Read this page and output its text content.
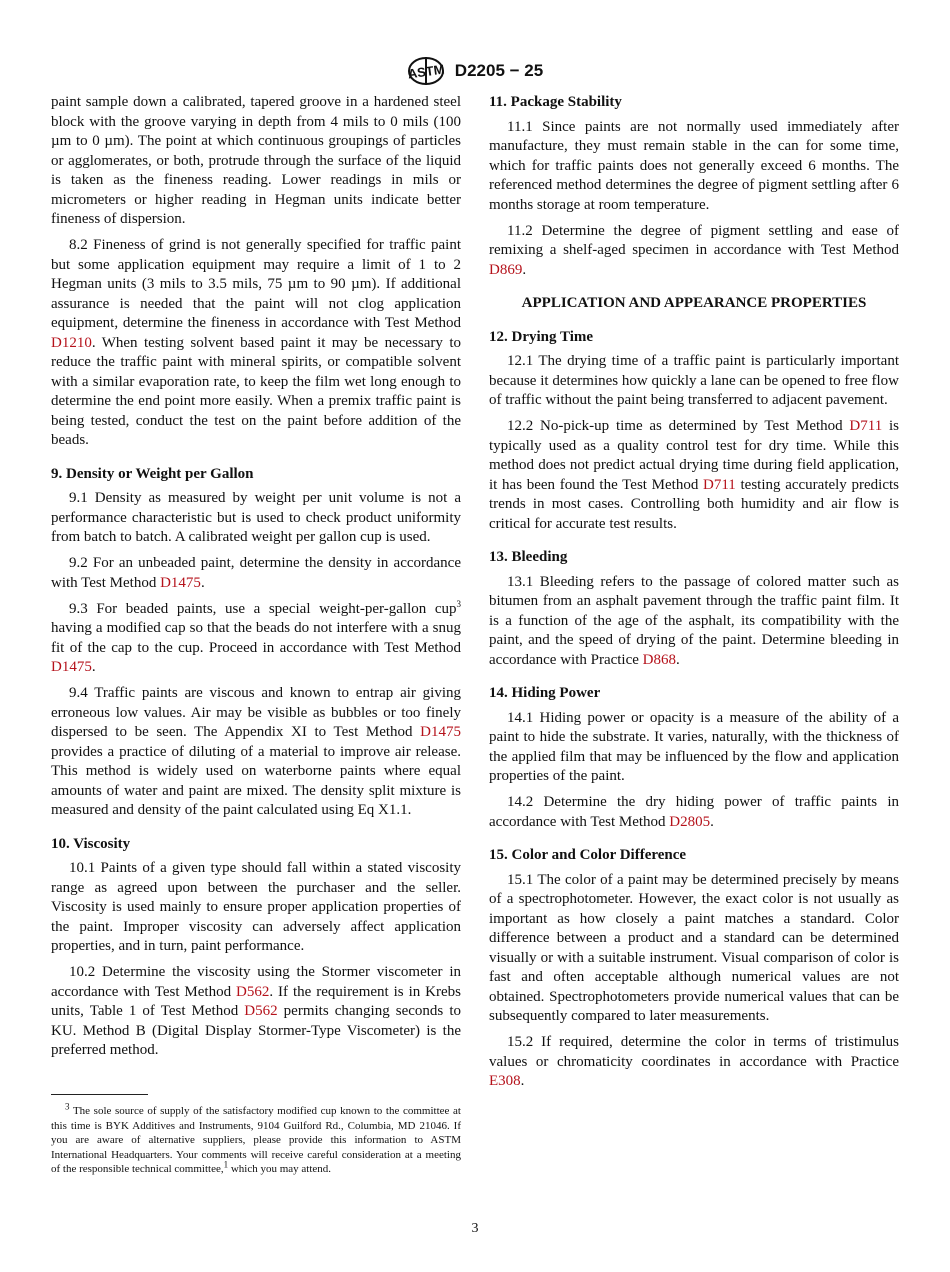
ASTM D2205 − 25
paint sample down a calibrated, tapered groove in a hardened steel block with the groove varying in depth from 4 mils to 0 mils (100 µm to 0 µm). The point at which continuous groupings of particles or agglomerates, or both, protrude through the surface of the liquid is taken as the fineness reading. Lower readings in mils or micrometers or higher reading in Hegman units indicate better fineness of dispersion.
8.2 Fineness of grind is not generally specified for traffic paint but some application equipment may require a limit of 1 to 2 Hegman units (3 mils to 3.5 mils, 75 µm to 90 µm). If additional assurance is needed that the paint will not clog application equipment, determine the fineness in accordance with Test Method D1210. When testing solvent based paint it may be necessary to reduce the traffic paint with mineral spirits, or compatible solvent with a similar evaporation rate, to keep the film wet long enough to determine the end point more easily. When a premix traffic paint is being tested, conduct the test on the paint before addition of the beads.
9. Density or Weight per Gallon
9.1 Density as measured by weight per unit volume is not a performance characteristic but is used to check product uniformity from batch to batch. A calibrated weight per gallon cup is used.
9.2 For an unbeaded paint, determine the density in accordance with Test Method D1475.
9.3 For beaded paints, use a special weight-per-gallon cup$^3$ having a modified cap so that the beads do not interfere with a snug fit of the cap to the cup. Proceed in accordance with Test Method D1475.
9.4 Traffic paints are viscous and known to entrap air giving erroneous low values. Air may be visible as bubbles or too finely dispersed to be seen. The Appendix XI to Test Method D1475 provides a practice of diluting of a material to improve air release. This method is widely used on waterborne paints where equal amounts of water and paint are mixed. The density split mixture is measured and density of the paint calculated using Eq X1.1.
10. Viscosity
10.1 Paints of a given type should fall within a stated viscosity range as agreed upon between the purchaser and the seller. Viscosity is used mainly to ensure proper application properties of the paint. Improper viscosity can adversely affect application properties, and in turn, paint performance.
10.2 Determine the viscosity using the Stormer viscometer in accordance with Test Method D562. If the requirement is in Krebs units, Table 1 of Test Method D562 permits changing seconds to KU. Method B (Digital Display Stormer-Type Viscometer) is the preferred method.
11. Package Stability
11.1 Since paints are not normally used immediately after manufacture, they must remain stable in the can for some time, which for traffic paints does not generally exceed 6 months. The referenced method determines the degree of pigment settling after 6 months storage at room temperature.
11.2 Determine the degree of pigment settling and ease of remixing a shelf-aged specimen in accordance with Test Method D869.
APPLICATION AND APPEARANCE PROPERTIES
12. Drying Time
12.1 The drying time of a traffic paint is particularly important because it determines how quickly a lane can be opened to free flow of traffic without the paint being transferred to adjacent pavement.
12.2 No-pick-up time as determined by Test Method D711 is typically used as a quality control test for dry time. While this method does not predict actual drying time during field application, it has been found the Test Method D711 testing accurately predicts trends in most cases. Controlling both humidity and air flow is critical for accurate test results.
13. Bleeding
13.1 Bleeding refers to the passage of colored matter such as bitumen from an asphalt pavement through the traffic paint film. It is a function of the age of the asphalt, its compatibility with the paint, and the speed of drying of the paint. Determine bleeding in accordance with Practice D868.
14. Hiding Power
14.1 Hiding power or opacity is a measure of the ability of a paint to hide the substrate. It varies, naturally, with the thickness of the applied film that may be influenced by the flow and application properties of the paint.
14.2 Determine the dry hiding power of traffic paints in accordance with Test Method D2805.
15. Color and Color Difference
15.1 The color of a paint may be determined precisely by means of a spectrophotometer. However, the exact color is not usually as important as how closely a paint matches a standard. Color difference between a product and a standard can be determined visually or with a suitable instrument. Visual comparison of color is fast and often acceptable although numerical values are not obtained. Spectrophotometers provide numerical values that can be subsequently compared to later measurements.
15.2 If required, determine the color in terms of tristimulus values or chromaticity coordinates in accordance with Practice E308.
$^3$ The sole source of supply of the satisfactory modified cup known to the committee at this time is BYK Additives and Instruments, 9104 Guilford Rd., Columbia, MD 21046. If you are aware of alternative suppliers, please provide this information to ASTM International Headquarters. Your comments will receive careful consideration at a meeting of the responsible technical committee,$^1$ which you may attend.
3
